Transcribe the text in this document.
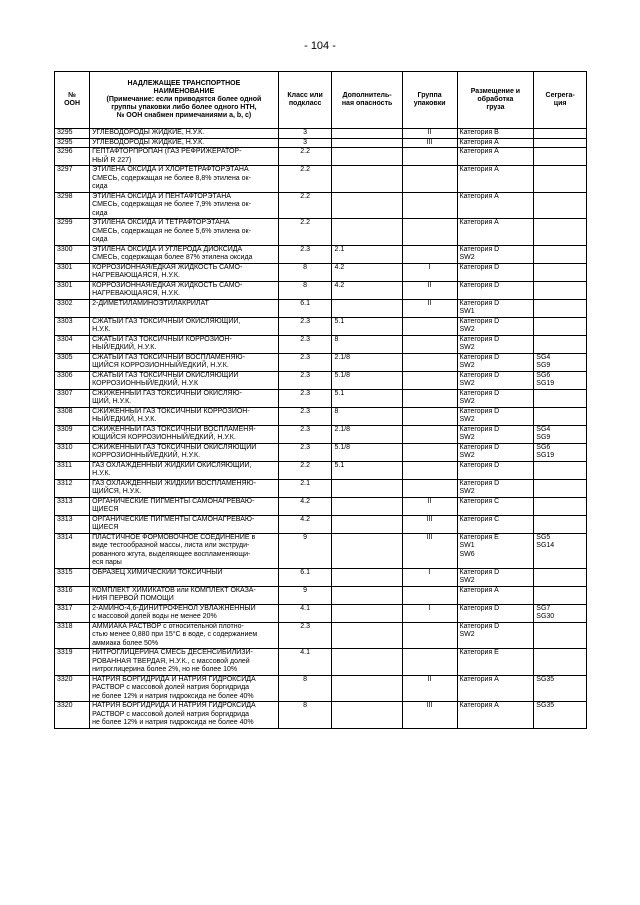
- 104 -
№
ООН	НАДЛЕЖАЩЕЕ ТРАНСПОРТНОЕ
НАИМЕНОВАНИЕ
(Примечание: если приводятся более одной
группы упаковки либо более одного НТН,
№ ООН снабжен примечаниями a, b, c)	Класс или
подкласс	Дополнитель-
ная опасность	Группа
упаковки	Размещение и
обработка
груза	Сегрега-
ция

3295	УГЛЕВОДОРОДЫ ЖИДКИЕ, Н.У.К.	3		II	Категория В	

3295	УГЛЕВОДОРОДЫ ЖИДКИЕ, Н.У.К.	3		III	Категория А	

3296	ГЕПТАФТОРПРОПАН (ГАЗ РЕФРИЖЕРАТОР-
НЫЙ R 227)	2.2			Категория А	

3297	ЭТИЛЕНА ОКСИДА И ХЛОРТЕТРАФТОРЭТАНА
СМЕСЬ, содержащая не более 8,8% этилена ок-
сида	2.2			Категория А	

3298	ЭТИЛЕНА ОКСИДА И ПЕНТАФТОРЭТАНА
СМЕСЬ, содержащая не более 7,9% этилена ок-
сида	2.2			Категория А	

3299	ЭТИЛЕНА ОКСИДА И ТЕТРАФТОРЭТАНА
СМЕСЬ, содержащая не более 5,6% этилена ок-
сида	2.2			Категория А	

3300	ЭТИЛЕНА ОКСИДА И УГЛЕРОДА ДИОКСИДА
СМЕСЬ, содержащая более 87% этилена оксида	2.3	2.1		Категория D
SW2	

3301	КОРРОЗИОННАЯ/ЕДКАЯ ЖИДКОСТЬ САМО-
НАГРЕВАЮЩАЯСЯ, Н.У.К.	8	4.2	I	Категория D	

3301	КОРРОЗИОННАЯ/ЕДКАЯ ЖИДКОСТЬ САМО-
НАГРЕВАЮЩАЯСЯ, Н.У.К.	8	4.2	II	Категория D	

3302	2-ДИМЕТИЛАМИНОЭТИЛАКРИЛАТ	6.1		II	Категория D
SW1	

3303	СЖАТЫЙ ГАЗ ТОКСИЧНЫЙ ОКИСЛЯЮЩИЙ,
Н.У.К.	2.3	5.1		Категория D
SW2	

3304	СЖАТЫЙ ГАЗ ТОКСИЧНЫЙ КОРРОЗИОН-
НЫЙ/ЕДКИЙ, Н.У.К.	2.3	8		Категория D
SW2	

3305	СЖАТЫЙ ГАЗ ТОКСИЧНЫЙ ВОСПЛАМЕНЯЮ-
ЩИЙСЯ КОРРОЗИОННЫЙ/ЕДКИЙ, Н.У.К.	2.3	2.1/8		Категория D
SW2	SG4
SG9

3306	СЖАТЫЙ ГАЗ ТОКСИЧНЫЙ ОКИСЛЯЮЩИЙ
КОРРОЗИОННЫЙ/ЕДКИЙ, Н.У.К	2.3	5.1/8		Категория D
SW2	SG6
SG19

3307	СЖИЖЕННЫЙ ГАЗ ТОКСИЧНЫЙ ОКИСЛЯЮ-
ЩИЙ, Н.У.К.	2.3	5.1		Категория D
SW2	

3308	СЖИЖЕННЫЙ ГАЗ ТОКСИЧНЫЙ КОРРОЗИОН-
НЫЙ/ЕДКИЙ, Н.У.К.	2.3	8		Категория D
SW2	

3309	СЖИЖЕННЫЙ ГАЗ ТОКСИЧНЫЙ ВОСПЛАМЕНЯ-
ЮЩИЙСЯ КОРРОЗИОННЫЙ/ЕДКИЙ, Н.У.К.	2.3	2.1/8		Категория D
SW2	SG4
SG9

3310	СЖИЖЕННЫЙ ГАЗ ТОКСИЧНЫЙ ОКИСЛЯЮЩИЙ
КОРРОЗИОННЫЙ/ЕДКИЙ, Н.У.К.	2.3	5.1/8		Категория D
SW2	SG6
SG19

3311	ГАЗ ОХЛАЖДЕННЫЙ ЖИДКИЙ ОКИСЛЯЮЩИЙ,
Н.У.К.	2.2	5.1		Категория D	

3312	ГАЗ ОХЛАЖДЕННЫЙ ЖИДКИЙ ВОСПЛАМЕНЯЮ-
ЩИЙСЯ, Н.У.К.	2.1			Категория D
SW2	

3313	ОРГАНИЧЕСКИЕ ПИГМЕНТЫ САМОНАГРЕВАЮ-
ЩИЕСЯ	4.2		II	Категория С	

3313	ОРГАНИЧЕСКИЕ ПИГМЕНТЫ САМОНАГРЕВАЮ-
ЩИЕСЯ	4.2		III	Категория С	

3314	ПЛАСТИЧНОЕ ФОРМОВОЧНОЕ СОЕДИНЕНИЕ в
виде тестообразной массы, листа или экструди-
рованного жгута, выделяющее воспламеняющи-
еся пары	9		III	Категория Е
SW1
SW6	SG5
SG14

3315	ОБРАЗЕЦ ХИМИЧЕСКИЙ ТОКСИЧНЫЙ	6.1		I	Категория D
SW2	

3316	КОМПЛЕКТ ХИМИКАТОВ или КОМПЛЕКТ ОКАЗА-
НИЯ ПЕРВОЙ ПОМОЩИ	9			Категория А	

3317	2-АМИНО-4,6-ДИНИТРОФЕНОЛ УВЛАЖНЕННЫЙ
с массовой долей воды не менее 20%	4.1		I	Категория D	SG7
SG30

3318	АММИАКА РАСТВОР с относительной плотно-
стью менее 0,880 при 15°С в воде, с содержанием
аммиака более 50%	2.3			Категория D
SW2	

3319	НИТРОГЛИЦЕРИНА СМЕСЬ ДЕСЕНСИБИЛИЗИ-
РОВАННАЯ ТВЕРДАЯ, Н.У.К., с массовой долей
нитроглицерина более 2%, но не более 10%	4.1			Категория Е	

3320	НАТРИЯ БОРГИДРИДА И НАТРИЯ ГИДРОКСИДА
РАСТВОР с массовой долей натрия боргидрида
не более 12% и натрия гидроксида не более 40%	8		II	Категория А	SG35

3320	НАТРИЯ БОРГИДРИДА И НАТРИЯ ГИДРОКСИДА
РАСТВОР с массовой долей натрия боргидрида
не более 12% и натрия гидроксида не более 40%	8		III	Категория А	SG35
